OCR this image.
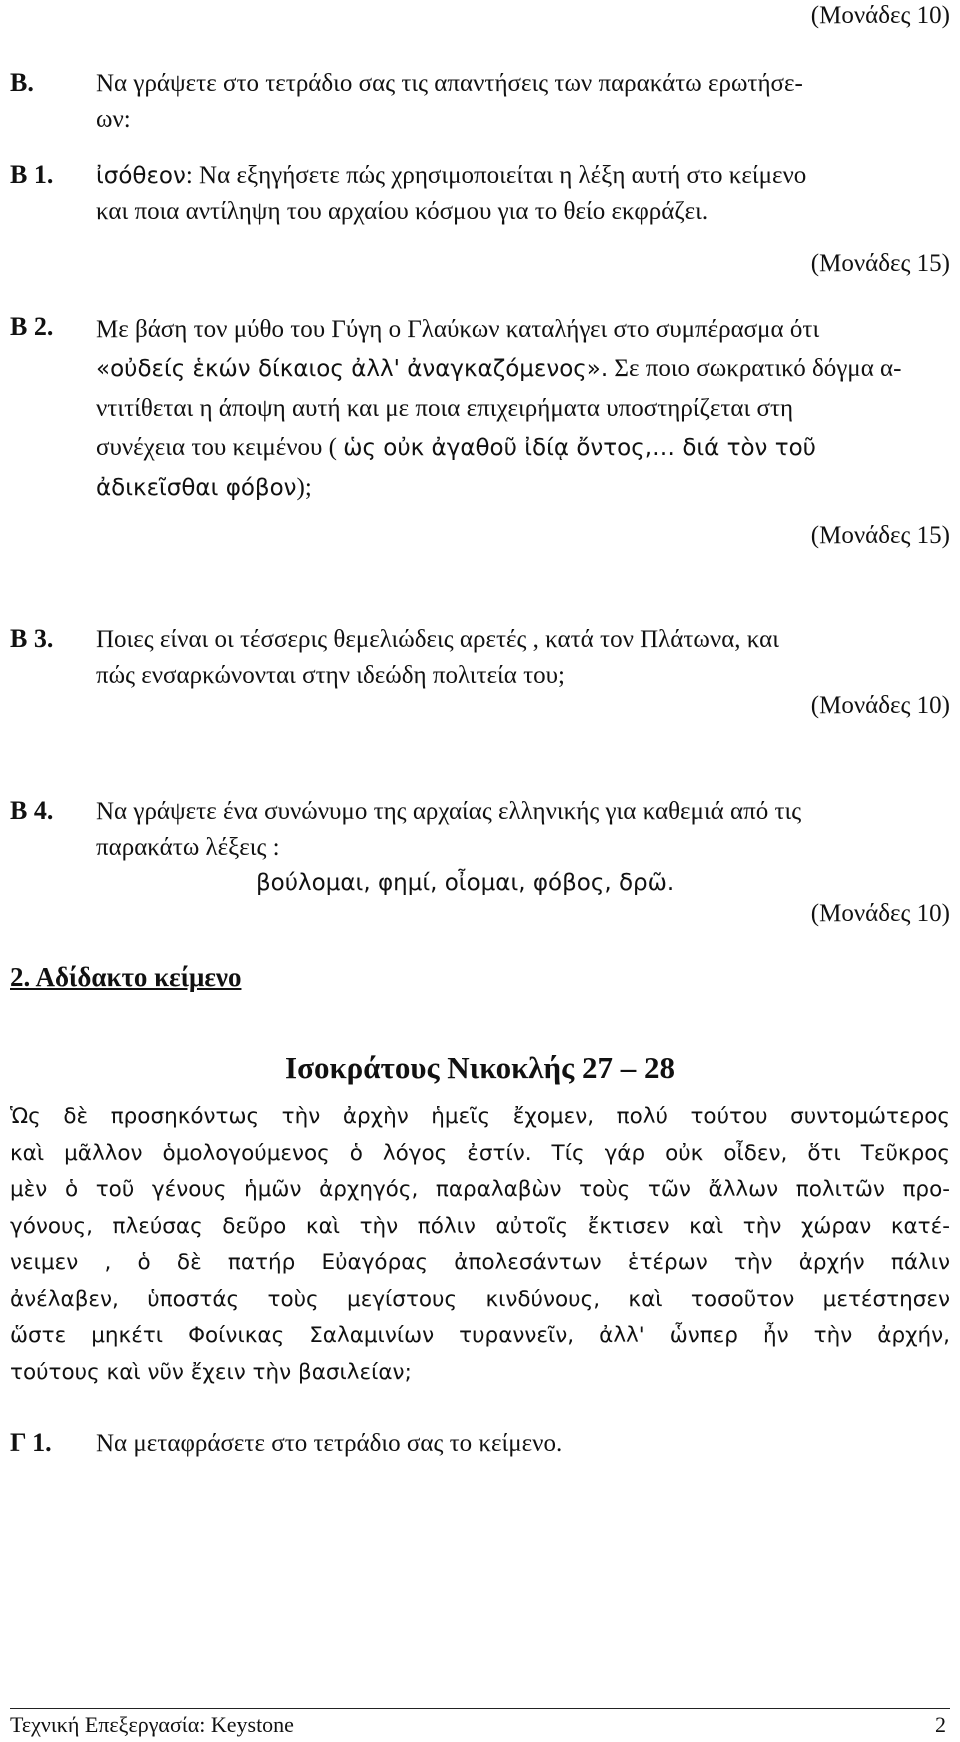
(Μονάδες 10)
B. Να γράψετε στο τετράδιο σας τις απαντήσεις των παρακάτω ερωτήσε-
ων:
B 1. ἰσόθεον: Να εξηγήσετε πώς χρησιμοποιείται η λέξη αυτή στο κείμενο
και ποια αντίληψη του αρχαίου κόσμου για το θείο εκφράζει.
(Μονάδες 15)
B 2. Με βάση τον μύθο του Γύγη ο Γλαύκων καταλήγει στο συμπέρασμα ότι
«οὐδείς ἑκών δίκαιος ἀλλ' ἀναγκαζόμενος». Σε ποιο σωκρατικό δόγμα α-
ντιτίθεται η άποψη αυτή και με ποια επιχειρήματα υποστηρίζεται στη
συνέχεια του κειμένου ( ὡς οὐκ ἀγαθοῦ ἰδίᾳ ὄντος,… διά τὸν τοῦ
ἀδικεῖσθαι φόβον);
(Μονάδες 15)
B 3. Ποιες είναι οι τέσσερις θεμελιώδεις αρετές , κατά τον Πλάτωνα, και
πώς ενσαρκώνονται στην ιδεώδη πολιτεία του;
(Μονάδες 10)
B 4. Να γράψετε ένα συνώνυμο της αρχαίας ελληνικής για καθεμιά από τις
παρακάτω λέξεις :
βούλομαι, φημί, οἶομαι, φόβος, δρῶ.
(Μονάδες 10)
2. Αδίδακτο κείμενο
Ισοκράτους Νικοκλής 27 – 28
Ὡς δὲ προσηκόντως τὴν ἀρχὴν ἡμεῖς ἔχομεν, πολύ τούτου συντομώτερος
καὶ μᾶλλον ὁμολογούμενος ὁ λόγος ἐστίν. Τίς γάρ οὐκ οἶδεν, ὅτι Τεῦκρος
μὲν ὁ τοῦ γένους ἡμῶν ἀρχηγός, παραλαβὼν τοὺς τῶν ἄλλων πολιτῶν προ-
γόνους, πλεύσας δεῦρο καὶ τὴν πόλιν αὐτοῖς ἔκτισεν καὶ τὴν χώραν κατέ-
νειμεν , ὁ δὲ πατήρ Εὐαγόρας ἀπολεσάντων ἑτέρων τὴν ἀρχήν πάλιν
ἀνέλαβεν, ὑποστάς τοὺς μεγίστους κινδύνους, καὶ τοσοῦτον μετέστησεν
ὥστε μηκέτι Φοίνικας Σαλαμινίων τυραννεῖν, ἀλλ' ὧνπερ ἦν τὴν ἀρχήν,
τούτους καὶ νῦν ἔχειν τὴν βασιλείαν;
Γ 1. Να μεταφράσετε στο τετράδιο σας το κείμενο.
Τεχνική Επεξεργασία: Keystone	2
